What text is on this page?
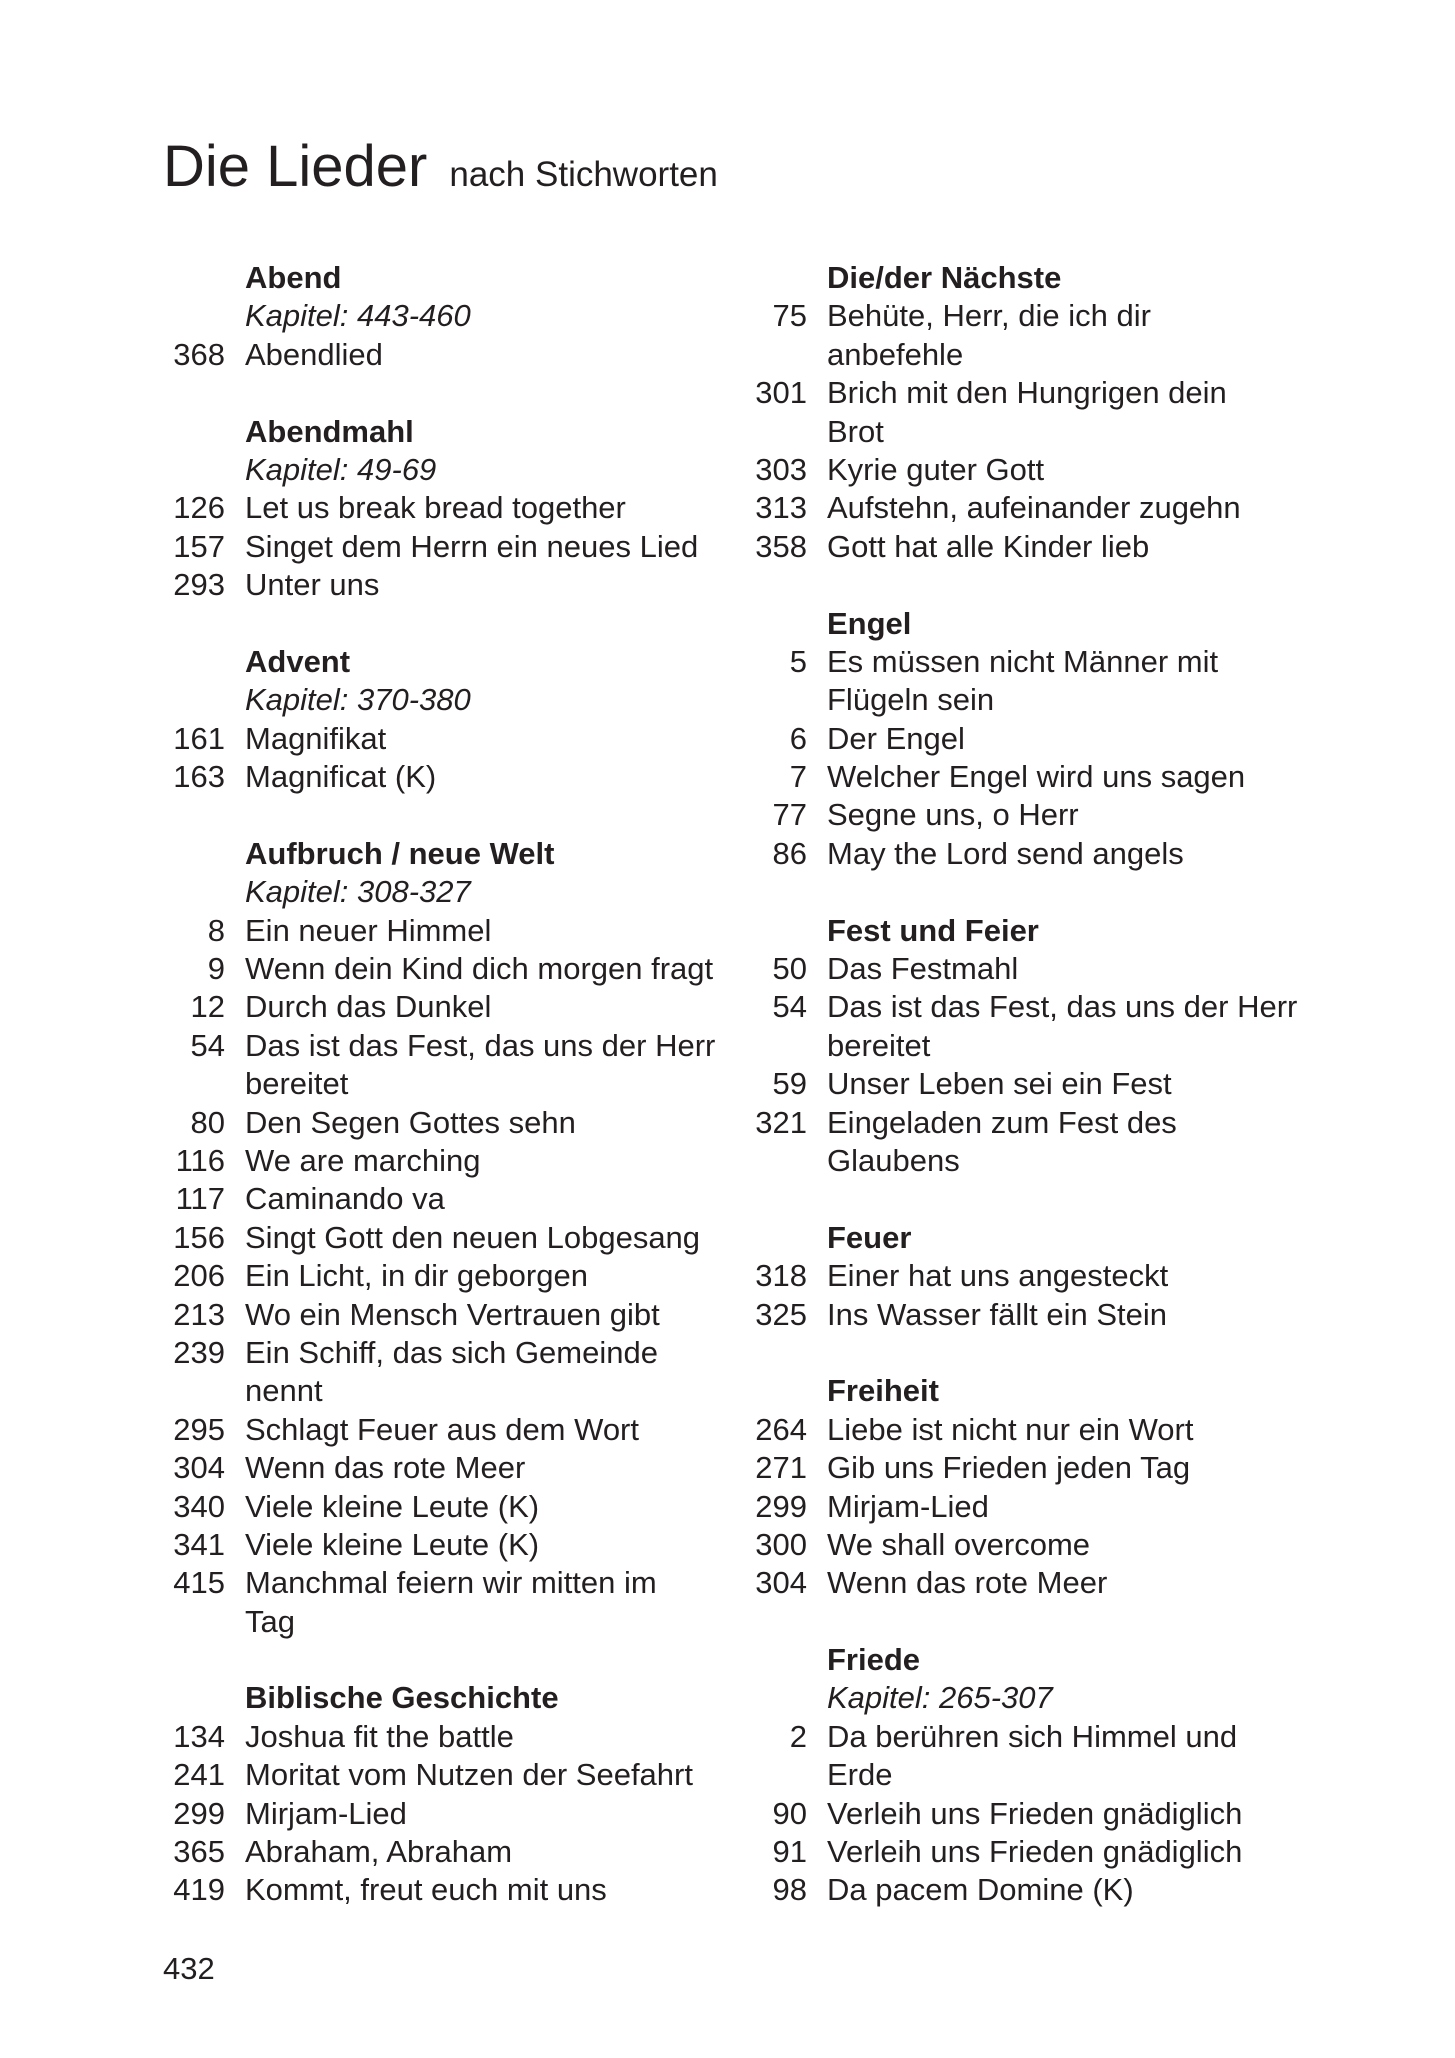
Die Lieder nach Stichworten
Abend
Kapitel: 443-460
368 Abendlied
Abendmahl
Kapitel: 49-69
126 Let us break bread together
157 Singet dem Herrn ein neues Lied
293 Unter uns
Advent
Kapitel: 370-380
161 Magnifikat
163 Magnificat (K)
Aufbruch / neue Welt
Kapitel: 308-327
8 Ein neuer Himmel
9 Wenn dein Kind dich morgen fragt
12 Durch das Dunkel
54 Das ist das Fest, das uns der Herr
bereitet
80 Den Segen Gottes sehn
116 We are marching
117 Caminando va
156 Singt Gott den neuen Lobgesang
206 Ein Licht, in dir geborgen
213 Wo ein Mensch Vertrauen gibt
239 Ein Schiff, das sich Gemeinde
nennt
295 Schlagt Feuer aus dem Wort
304 Wenn das rote Meer
340 Viele kleine Leute (K)
341 Viele kleine Leute (K)
415 Manchmal feiern wir mitten im
Tag
Biblische Geschichte
134 Joshua fit the battle
241 Moritat vom Nutzen der Seefahrt
299 Mirjam-Lied
365 Abraham, Abraham
419 Kommt, freut euch mit uns
Die/der Nächste
75 Behüte, Herr, die ich dir
anbefehle
301 Brich mit den Hungrigen dein
Brot
303 Kyrie guter Gott
313 Aufstehn, aufeinander zugehn
358 Gott hat alle Kinder lieb
Engel
5 Es müssen nicht Männer mit
Flügeln sein
6 Der Engel
7 Welcher Engel wird uns sagen
77 Segne uns, o Herr
86 May the Lord send angels
Fest und Feier
50 Das Festmahl
54 Das ist das Fest, das uns der Herr
bereitet
59 Unser Leben sei ein Fest
321 Eingeladen zum Fest des
Glaubens
Feuer
318 Einer hat uns angesteckt
325 Ins Wasser fällt ein Stein
Freiheit
264 Liebe ist nicht nur ein Wort
271 Gib uns Frieden jeden Tag
299 Mirjam-Lied
300 We shall overcome
304 Wenn das rote Meer
Friede
Kapitel: 265-307
2 Da berühren sich Himmel und
Erde
90 Verleih uns Frieden gnädiglich
91 Verleih uns Frieden gnädiglich
98 Da pacem Domine (K)
432
